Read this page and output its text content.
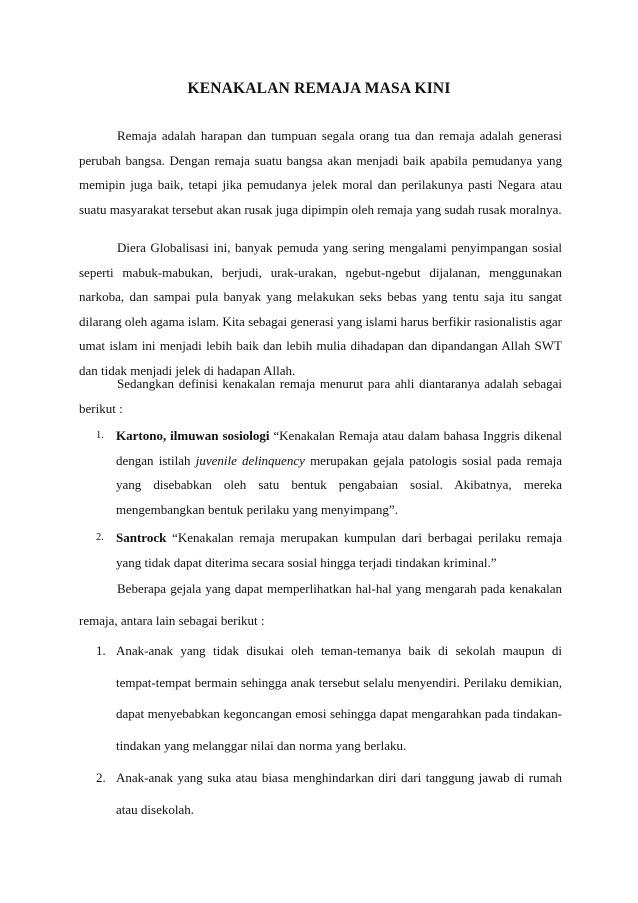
KENAKALAN REMAJA MASA KINI

Remaja adalah harapan dan tumpuan segala orang tua dan remaja adalah generasi perubah bangsa. Dengan remaja suatu bangsa akan menjadi baik apabila pemudanya yang memipin juga baik, tetapi jika pemudanya jelek moral dan perilakunya pasti Negara atau suatu masyarakat tersebut akan rusak juga dipimpin oleh remaja yang sudah rusak moralnya.

Diera Globalisasi ini, banyak pemuda yang sering mengalami penyimpangan sosial seperti mabuk-mabukan, berjudi, urak-urakan, ngebut-ngebut dijalanan, menggunakan narkoba, dan sampai pula banyak yang melakukan seks bebas yang tentu saja itu sangat dilarang oleh agama islam. Kita sebagai generasi yang islami harus berfikir rasionalistis agar umat islam ini menjadi lebih baik dan lebih mulia dihadapan dan dipandangan Allah SWT dan tidak menjadi jelek di hadapan Allah.

Sedangkan definisi kenakalan remaja menurut para ahli diantaranya adalah sebagai berikut :

1. Kartono, ilmuwan sosiologi “Kenakalan Remaja atau dalam bahasa Inggris dikenal dengan istilah juvenile delinquency merupakan gejala patologis sosial pada remaja yang disebabkan oleh satu bentuk pengabaian sosial. Akibatnya, mereka mengembangkan bentuk perilaku yang menyimpang”.
2. Santrock “Kenakalan remaja merupakan kumpulan dari berbagai perilaku remaja yang tidak dapat diterima secara sosial hingga terjadi tindakan kriminal.”

Beberapa gejala yang dapat memperlihatkan hal-hal yang mengarah pada kenakalan remaja, antara lain sebagai berikut :

1. Anak-anak yang tidak disukai oleh teman-temanya baik di sekolah maupun di tempat-tempat bermain sehingga anak tersebut selalu menyendiri. Perilaku demikian, dapat menyebabkan kegoncangan emosi sehingga dapat mengarahkan pada tindakan-tindakan yang melanggar nilai dan norma yang berlaku.
2. Anak-anak yang suka atau biasa menghindarkan diri dari tanggung jawab di rumah atau disekolah.
